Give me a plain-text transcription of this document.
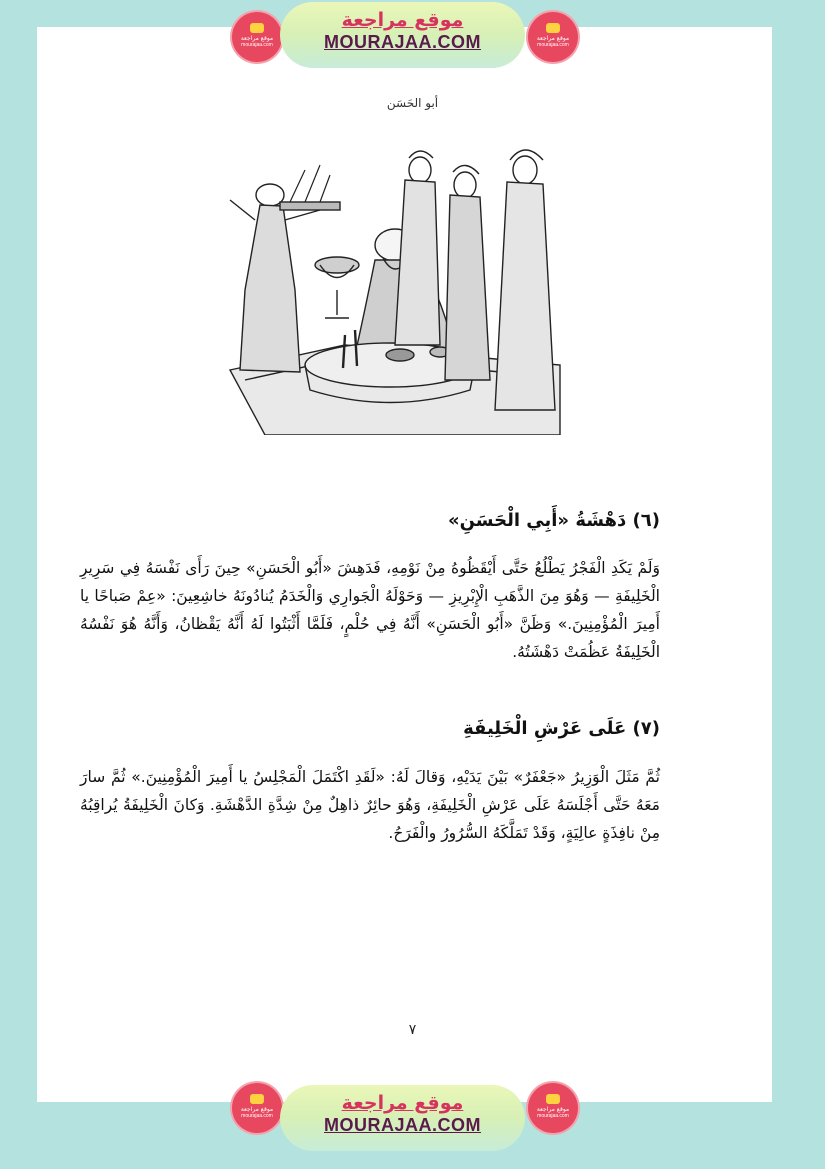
موقع مراجعة
mourajaa.com
موقع مراجعة
MOURAJAA.COM	موقع مراجعة
mourajaa.com
أبو الحَسَن
(٦) دَهْشَةُ «أَبِي الْحَسَنِ»

وَلَمْ يَكَدِ الْفَجْرُ يَطْلُعُ حَتَّى أَيْقَظُوهُ مِنْ نَوْمِهِ، فَدَهِشَ «أَبُو الْحَسَنِ» حِينَ رَأَى نَفْسَهُ فِي سَرِيرِ الْخَلِيفَةِ — وَهُوَ مِنَ الذَّهَبِ الْإِبْرِيزِ — وَحَوْلَهُ الْجَوارِي وَالْخَدَمُ يُنادُونَهُ خاشِعِينَ: «عِمْ صَباحًا يا أَمِيرَ الْمُؤْمِنِينَ.» وَظَنَّ «أَبُو الْحَسَنِ» أَنَّهُ فِي حُلْمٍ، فَلَمَّا أَثْبَتُوا لَهُ أَنَّهُ يَقْظانُ، وَأَنَّهُ هُوَ نَفْسُهُ الْخَلِيفَةُ عَظُمَتْ دَهْشَتُهُ.

(٧) عَلَى عَرْشِ الْخَلِيفَةِ

ثُمَّ مَثَلَ الْوَزِيرُ «جَعْفَرٌ» بَيْنَ يَدَيْهِ، وَقالَ لَهُ: «لَقَدِ اكْتَمَلَ الْمَجْلِسُ يا أَمِيرَ الْمُؤْمِنِينَ.» ثُمَّ سارَ مَعَهُ حَتَّى أَجْلَسَهُ عَلَى عَرْشِ الْخَلِيفَةِ، وَهُوَ حائِرٌ ذاهِلٌ مِنْ شِدَّةِ الدَّهْشَةِ. وَكانَ الْخَلِيفَةُ يُراقِبُهُ مِنْ نافِذَةٍ عالِيَةٍ، وَقَدْ تَمَلَّكَهُ السُّرُورُ والْفَرَحُ.

٧
موقع مراجعة
mourajaa.com
موقع مراجعة
MOURAJAA.COM
موقع مراجعة
mourajaa.com
